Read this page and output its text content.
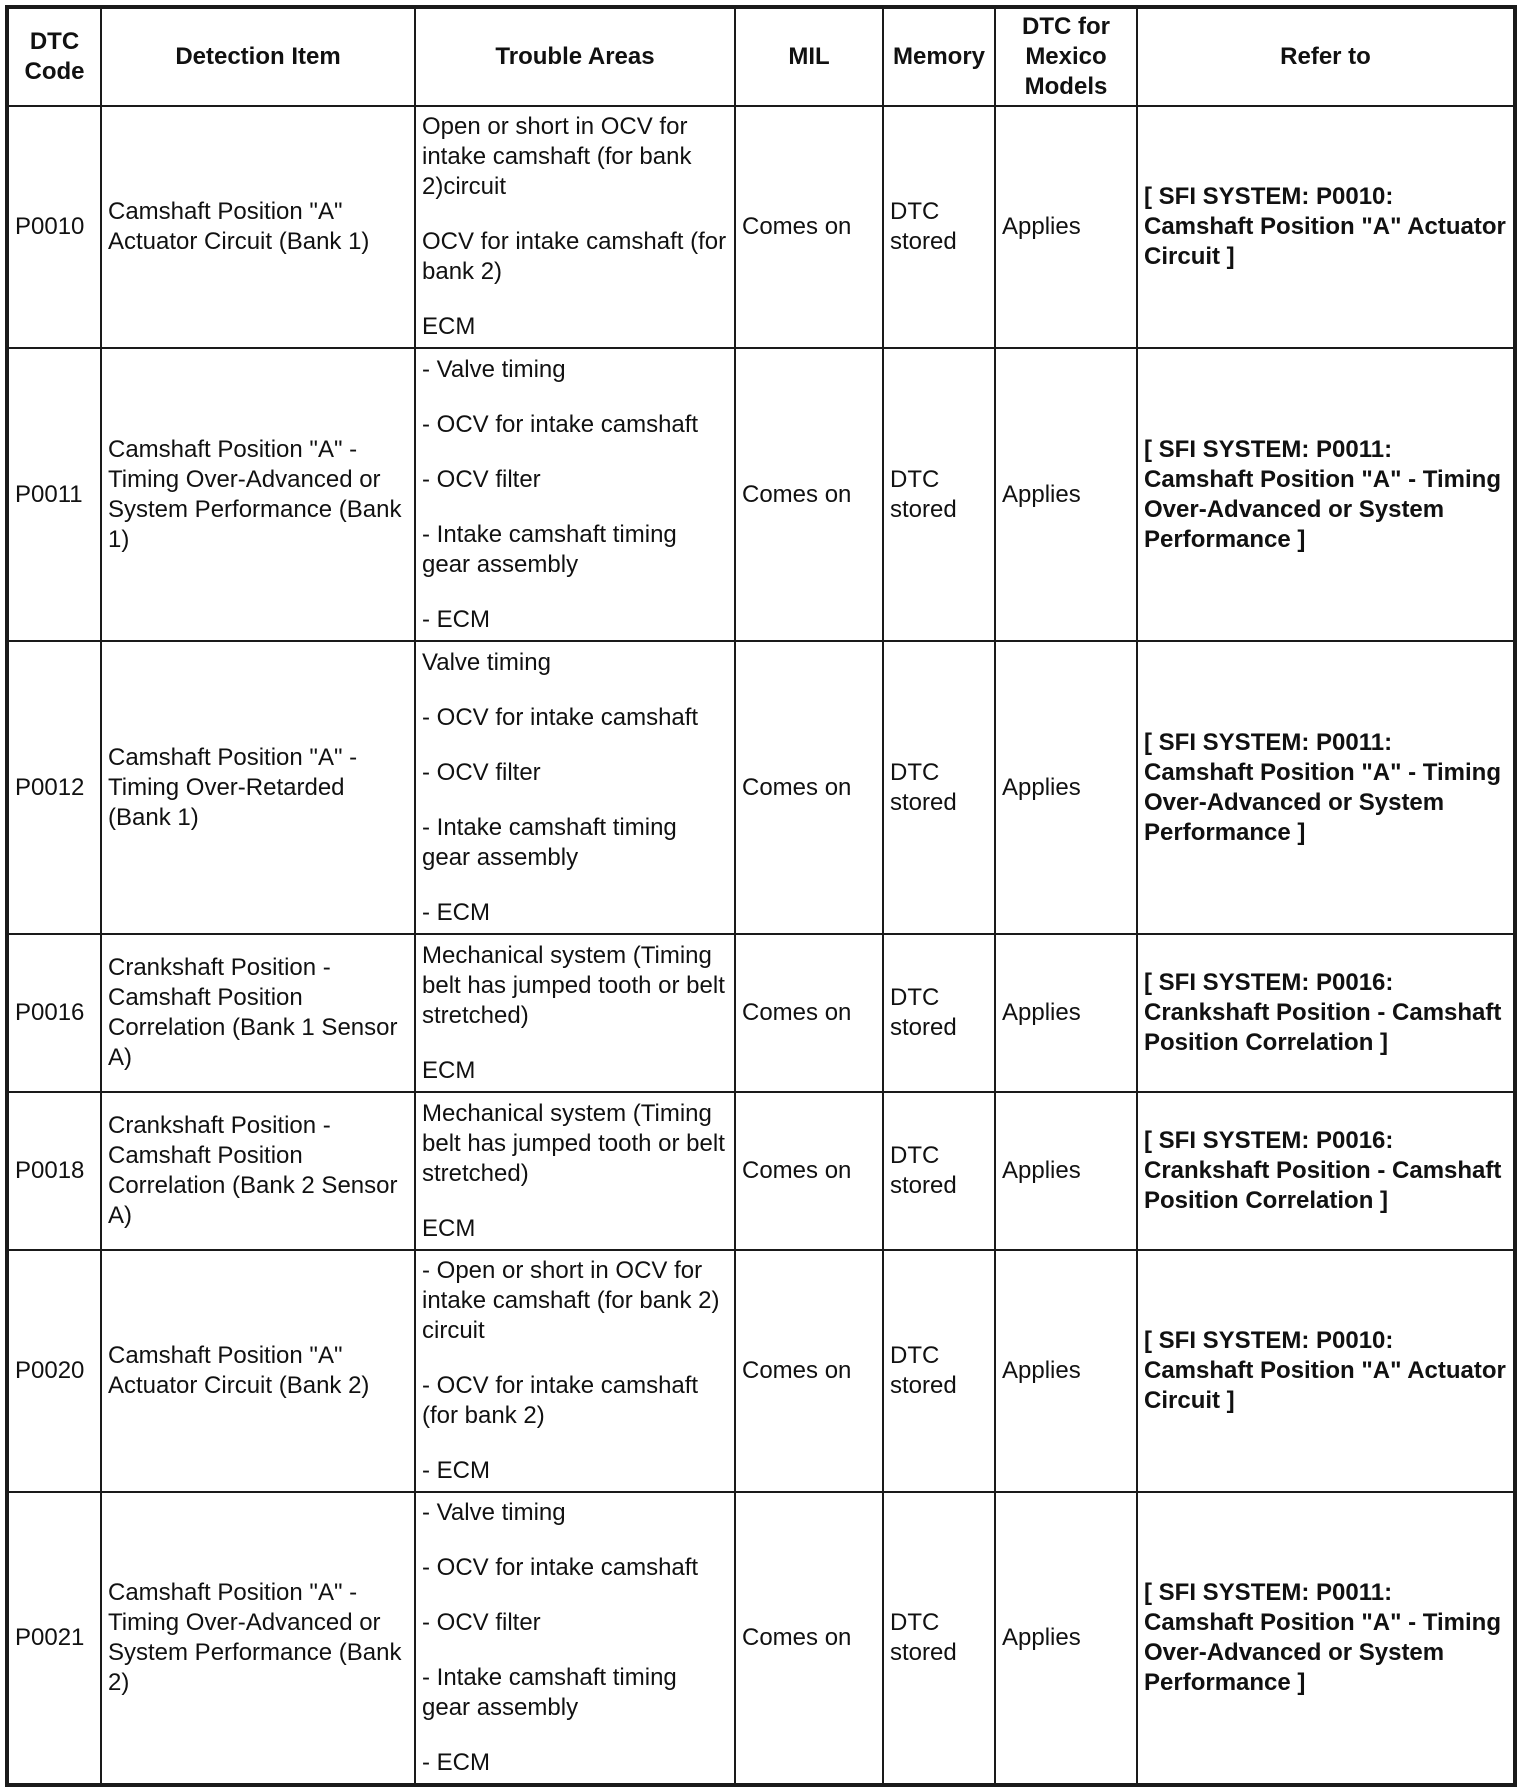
DTC Code	Detection Item	Trouble Areas	MIL	Memory	DTC for Mexico Models	Refer to
P0010	Camshaft Position "A" Actuator Circuit (Bank 1)	Open or short in OCV for intake camshaft (for bank 2)circuit
OCV for intake camshaft (for bank 2)
ECM	Comes on	DTC stored	Applies	[ SFI SYSTEM: P0010: Camshaft Position "A" Actuator Circuit ]

P0011	Camshaft Position "A" - Timing Over-Advanced or System Performance (Bank 1)	- Valve timing
- OCV for intake camshaft
- OCV filter
- Intake camshaft timing gear assembly
- ECM	Comes on	DTC stored	Applies	[ SFI SYSTEM: P0011: Camshaft Position "A" - Timing Over-Advanced or System Performance ]

P0012	Camshaft Position "A" - Timing Over-Retarded (Bank 1)	Valve timing
- OCV for intake camshaft
- OCV filter
- Intake camshaft timing gear assembly
- ECM	Comes on	DTC stored	Applies	[ SFI SYSTEM: P0011: Camshaft Position "A" - Timing Over-Advanced or System Performance ]

P0016	Crankshaft Position - Camshaft Position Correlation (Bank 1 Sensor A)	Mechanical system (Timing belt has jumped tooth or belt stretched)
ECM	Comes on	DTC stored	Applies	[ SFI SYSTEM: P0016: Crankshaft Position - Camshaft Position Correlation ]

P0018	Crankshaft Position - Camshaft Position Correlation (Bank 2 Sensor A)	Mechanical system (Timing belt has jumped tooth or belt stretched)
ECM	Comes on	DTC stored	Applies	[ SFI SYSTEM: P0016: Crankshaft Position - Camshaft Position Correlation ]

P0020	Camshaft Position "A" Actuator Circuit (Bank 2)	- Open or short in OCV for intake camshaft (for bank 2) circuit
- OCV for intake camshaft (for bank 2)
- ECM	Comes on	DTC stored	Applies	[ SFI SYSTEM: P0010: Camshaft Position "A" Actuator Circuit ]

P0021	Camshaft Position "A" - Timing Over-Advanced or System Performance (Bank 2)	- Valve timing
- OCV for intake camshaft
- OCV filter
- Intake camshaft timing gear assembly
- ECM	Comes on	DTC stored	Applies	[ SFI SYSTEM: P0011: Camshaft Position "A" - Timing Over-Advanced or System Performance ]
